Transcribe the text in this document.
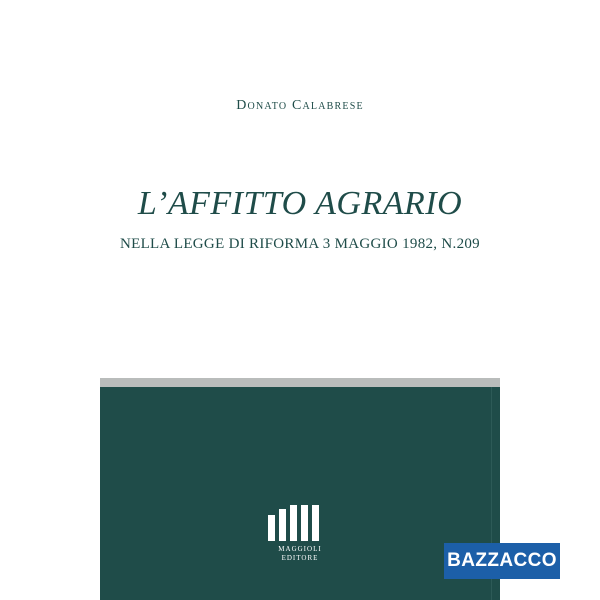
Donato Calabrese
L’AFFITTO AGRARIO
NELLA LEGGE DI RIFORMA 3 MAGGIO 1982, N.209
MAGGIOLI
EDITORE	BAZZACCO
